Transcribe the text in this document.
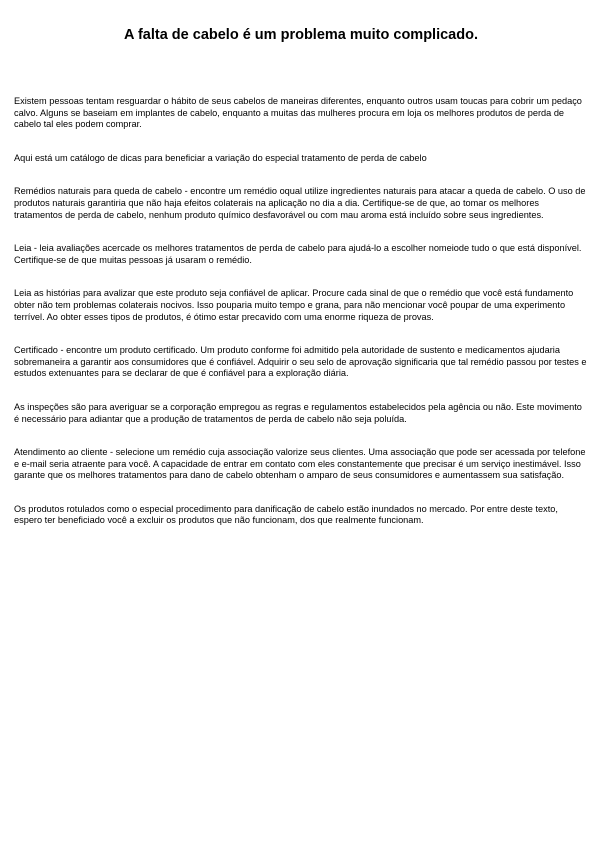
A falta de cabelo é um problema muito complicado.

Existem pessoas tentam resguardar o hábito de seus cabelos de maneiras diferentes, enquanto outros usam toucas para cobrir um pedaço calvo. Alguns se baseiam em implantes de cabelo, enquanto a muitas das mulheres procura em loja os melhores produtos de perda de cabelo tal eles podem comprar.

Aqui está um catálogo de dicas para beneficiar a variação do especial tratamento de perda de cabelo

Remédios naturais para queda de cabelo - encontre um remédio oqual utilize ingredientes naturais para atacar a queda de cabelo. O uso de produtos naturais garantiria que não haja efeitos colaterais na aplicação no dia a dia. Certifique-se de que, ao tomar os melhores tratamentos de perda de cabelo, nenhum produto químico desfavorável ou com mau aroma está incluído sobre seus ingredientes.

Leia - leia avaliações acercade os melhores tratamentos de perda de cabelo para ajudá-lo a escolher nomeiode tudo o que está disponível. Certifique-se de que muitas pessoas já usaram o remédio.

Leia as histórias para avalizar que este produto seja confiável de aplicar. Procure cada sinal de que o remédio que você está fundamento obter não tem problemas colaterais nocivos. Isso pouparia muito tempo e grana, para não mencionar você poupar de uma experimento terrível. Ao obter esses tipos de produtos, é ótimo estar precavido com uma enorme riqueza de provas.

Certificado - encontre um produto certificado. Um produto conforme foi admitido pela autoridade de sustento e medicamentos ajudaria sobremaneira a garantir aos consumidores que é confiável. Adquirir o seu selo de aprovação significaria que tal remédio passou por testes e estudos extenuantes para se declarar de que é confiável para a exploração diária.

As inspeções são para averiguar se a corporação empregou as regras e regulamentos estabelecidos pela agência ou não. Este movimento é necessário para adiantar que a produção de tratamentos de perda de cabelo não seja poluída.

Atendimento ao cliente - selecione um remédio cuja associação valorize seus clientes. Uma associação que pode ser acessada por telefone e e-mail seria atraente para você. A capacidade de entrar em contato com eles constantemente que precisar é um serviço inestimável. Isso garante que os melhores tratamentos para dano de cabelo obtenham o amparo de seus consumidores e aumentassem sua satisfação.

Os produtos rotulados como o especial procedimento para danificação de cabelo estão inundados no mercado. Por entre deste texto, espero ter beneficiado você a excluir os produtos que não funcionam, dos que realmente funcionam.
